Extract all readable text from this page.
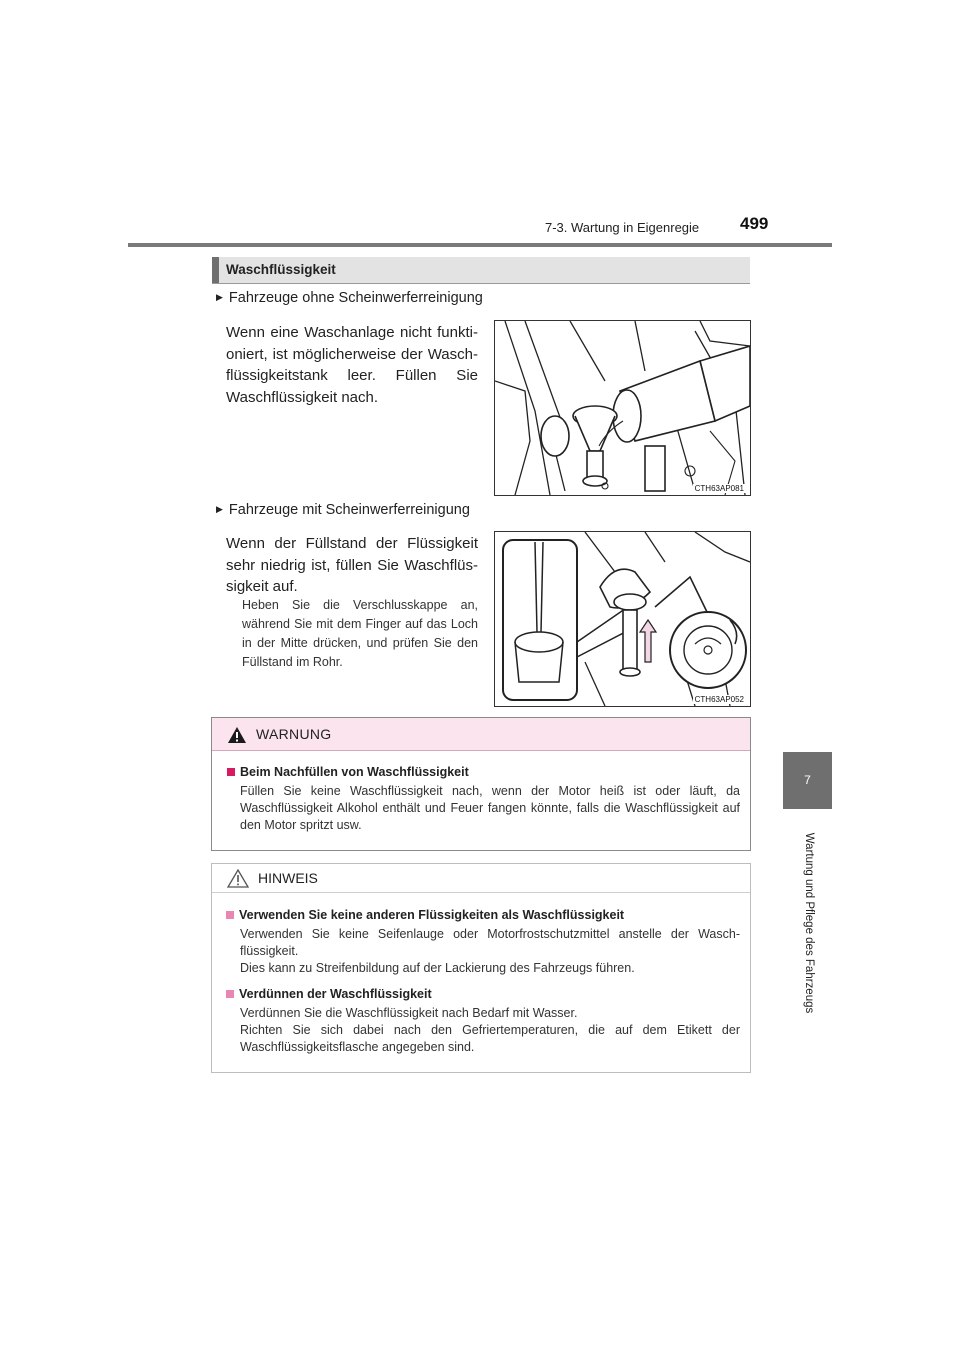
7-3. Wartung in Eigenregie 499
7
Wartung und Pflege des Fahrzeugs
Waschflüssigkeit
▶ Fahrzeuge ohne Scheinwerferreinigung
Wenn eine Waschanlage nicht funkti-oniert, ist möglicherweise der Wasch-flüssigkeitstank leer. Füllen Sie Waschflüssigkeit nach.
CTH63AP081
▶ Fahrzeuge mit Scheinwerferreinigung
Wenn der Füllstand der Flüssigkeit sehr niedrig ist, füllen Sie Waschflüs-sigkeit auf.
Heben Sie die Verschlusskappe an, während Sie mit dem Finger auf das Loch in der Mitte drücken, und prüfen Sie den Füllstand im Rohr.
CTH63AP052
WARNUNG
Beim Nachfüllen von Waschflüssigkeit
Füllen Sie keine Waschflüssigkeit nach, wenn der Motor heiß ist oder läuft, da Waschflüssigkeit Alkohol enthält und Feuer fangen könnte, falls die Waschflüssigkeit auf den Motor spritzt usw.
HINWEIS
Verwenden Sie keine anderen Flüssigkeiten als Waschflüssigkeit
Verwenden Sie keine Seifenlauge oder Motorfrostschutzmittel anstelle der Wasch-flüssigkeit.
Dies kann zu Streifenbildung auf der Lackierung des Fahrzeugs führen.
Verdünnen der Waschflüssigkeit
Verdünnen Sie die Waschflüssigkeit nach Bedarf mit Wasser.
Richten Sie sich dabei nach den Gefriertemperaturen, die auf dem Etikett der Waschflüssigkeitsflasche angegeben sind.
